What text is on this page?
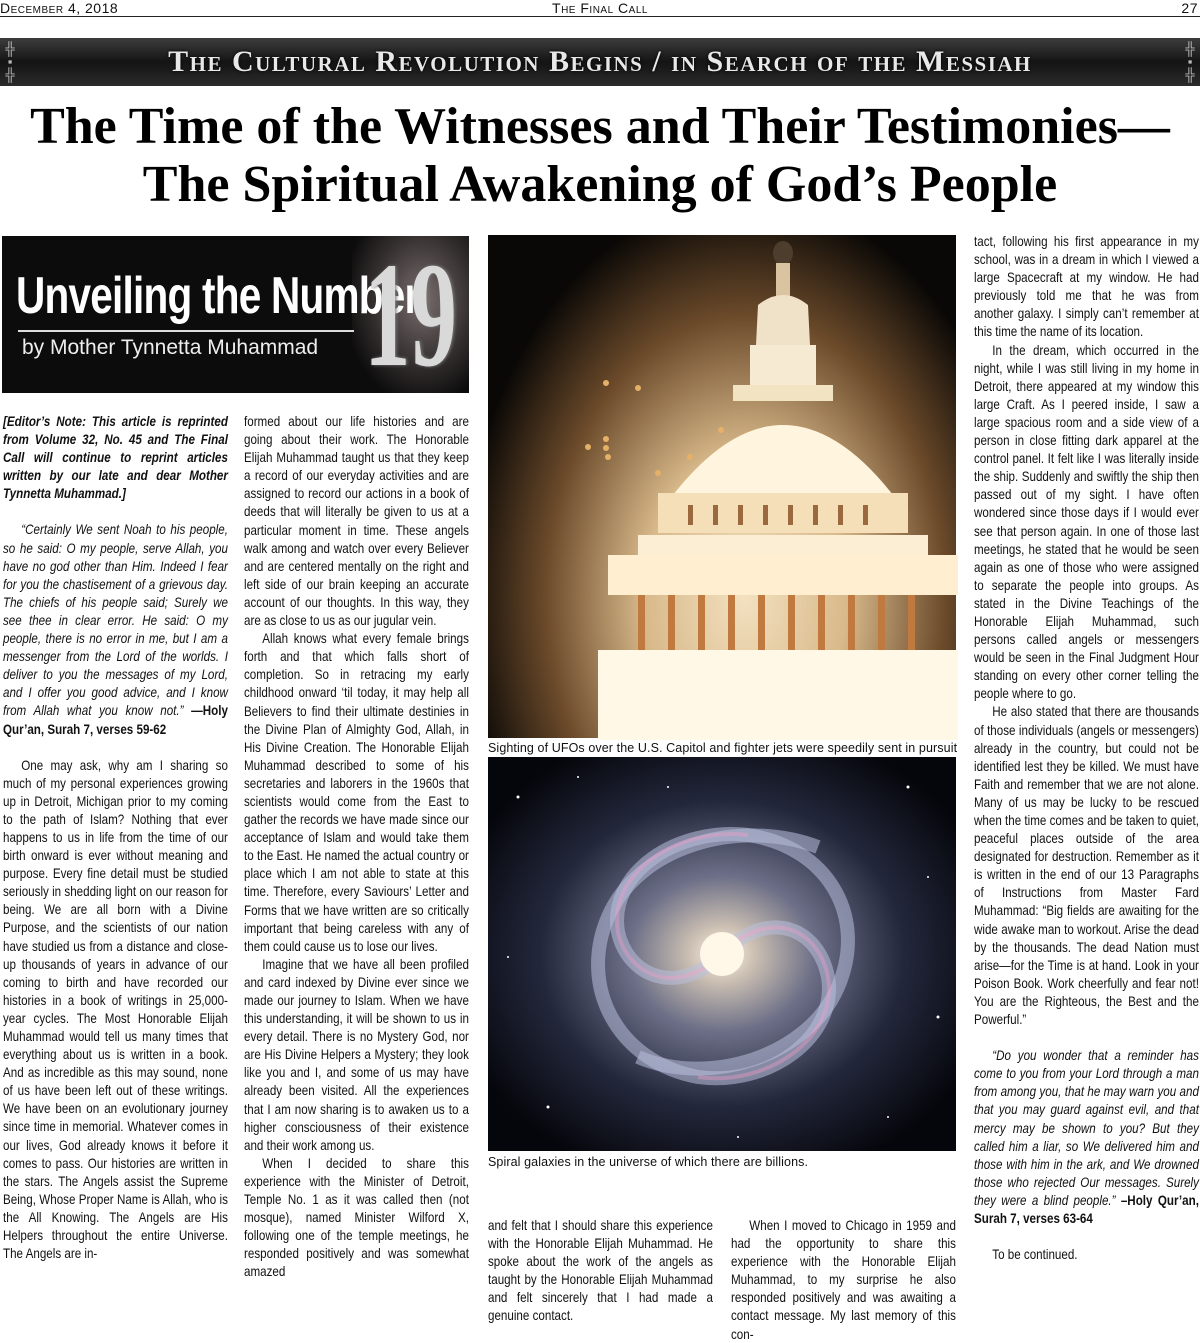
December 4, 2018	The Final Call	27
╬
▪
╬	The Cultural Revolution Begins / in Search of the Messiah	╬
▪
╬
The Time of the Witnesses and Their Testimonies—
The Spiritual Awakening of God’s People
Unveiling the Number
by Mother Tynnetta Muhammad 19

[Editor’s Note: This article is reprinted from Volume 32, No. 45 and The Final Call will continue to reprint articles written by our late and dear Mother Tynnetta Muhammad.]

“Certainly We sent Noah to his people, so he said: O my people, serve Allah, you have no god other than Him. Indeed I fear for you the chastisement of a grievous day. The chiefs of his people said; Surely we see thee in clear error. He said: O my people, there is no error in me, but I am a messenger from the Lord of the worlds. I deliver to you the messages of my Lord, and I offer you good advice, and I know from Allah what you know not.” —Holy Qur’an, Surah 7, verses 59-62

One may ask, why am I sharing so much of my personal experiences growing up in Detroit, Michigan prior to my coming to the path of Islam? Nothing that ever happens to us in life from the time of our birth onward is ever without meaning and purpose. Every fine detail must be studied seriously in shedding light on our reason for being. We are all born with a Divine Purpose, and the scientists of our nation have studied us from a distance and close-up thousands of years in advance of our coming to birth and have recorded our histories in a book of writings in 25,000-year cycles. The Most Honorable Elijah Muhammad would tell us many times that everything about us is written in a book. And as incredible as this may sound, none of us have been left out of these writings. We have been on an evolutionary journey since time in memorial. Whatever comes in our lives, God already knows it before it comes to pass. Our histories are written in the stars. The Angels assist the Supreme Being, Whose Proper Name is Allah, who is the All Knowing. The Angels are His Helpers throughout the entire Universe. The Angels are in-

formed about our life histories and are going about their work. The Honorable Elijah Muhammad taught us that they keep a record of our everyday activities and are assigned to record our actions in a book of deeds that will literally be given to us at a particular moment in time. These angels walk among and watch over every Believer and are centered mentally on the right and left side of our brain keeping an accurate account of our thoughts. In this way, they are as close to us as our jugular vein.

Allah knows what every female brings forth and that which falls short of completion. So in retracing my early childhood onward ‘til today, it may help all Believers to find their ultimate destinies in the Divine Plan of Almighty God, Allah, in His Divine Creation. The Honorable Elijah Muhammad described to some of his secretaries and laborers in the 1960s that scientists would come from the East to gather the records we have made since our acceptance of Islam and would take them to the East. He named the actual country or place which I am not able to state at this time. Therefore, every Saviours’ Letter and Forms that we have written are so critically important that being careless with any of them could cause us to lose our lives.

Imagine that we have all been profiled and card indexed by Divine ever since we made our journey to Islam. When we have this understanding, it will be shown to us in every detail. There is no Mystery God, nor are His Divine Helpers a Mystery; they look like you and I, and some of us may have already been visited. All the experiences that I am now sharing is to awaken us to a higher consciousness of their existence and their work among us.

When I decided to share this experience with the Minister of Detroit, Temple No. 1 as it was called then (not mosque), named Minister Wilford X, following one of the temple meetings, he responded positively and was somewhat amazed

Sighting of UFOs over the U.S. Capitol and fighter jets were speedily sent in pursuit
Spiral galaxies in the universe of which there are billions.

and felt that I should share this experience with the Honorable Elijah Muhammad. He spoke about the work of the angels as taught by the Honorable Elijah Muhammad and felt sincerely that I had made a genuine contact.

When I moved to Chicago in 1959 and had the opportunity to share this experience with the Honorable Elijah Muhammad, to my surprise he also responded positively and was awaiting a contact message. My last memory of this con-

tact, following his first appearance in my school, was in a dream in which I viewed a large Spacecraft at my window. He had previously told me that he was from another galaxy. I simply can’t remember at this time the name of its location.

In the dream, which occurred in the night, while I was still living in my home in Detroit, there appeared at my window this large Craft. As I peered inside, I saw a large spacious room and a side view of a person in close fitting dark apparel at the control panel. It felt like I was literally inside the ship. Suddenly and swiftly the ship then passed out of my sight. I have often wondered since those days if I would ever see that person again. In one of those last meetings, he stated that he would be seen again as one of those who were assigned to separate the people into groups. As stated in the Divine Teachings of the Honorable Elijah Muhammad, such persons called angels or messengers would be seen in the Final Judgment Hour standing on every other corner telling the people where to go.

He also stated that there are thousands of those individuals (angels or messengers) already in the country, but could not be identified lest they be killed. We must have Faith and remember that we are not alone. Many of us may be lucky to be rescued when the time comes and be taken to quiet, peaceful places outside of the area designated for destruction. Remember as it is written in the end of our 13 Paragraphs of Instructions from Master Fard Muhammad: “Big fields are awaiting for the wide awake man to workout. Arise the dead by the thousands. The dead Nation must arise—for the Time is at hand. Look in your Poison Book. Work cheerfully and fear not! You are the Righteous, the Best and the Powerful.”

“Do you wonder that a reminder has come to you from your Lord through a man from among you, that he may warn you and that you may guard against evil, and that mercy may be shown to you? But they called him a liar, so We delivered him and those with him in the ark, and We drowned those who rejected Our messages. Surely they were a blind people.” –Holy Qur’an, Surah 7, verses 63-64

To be continued.
